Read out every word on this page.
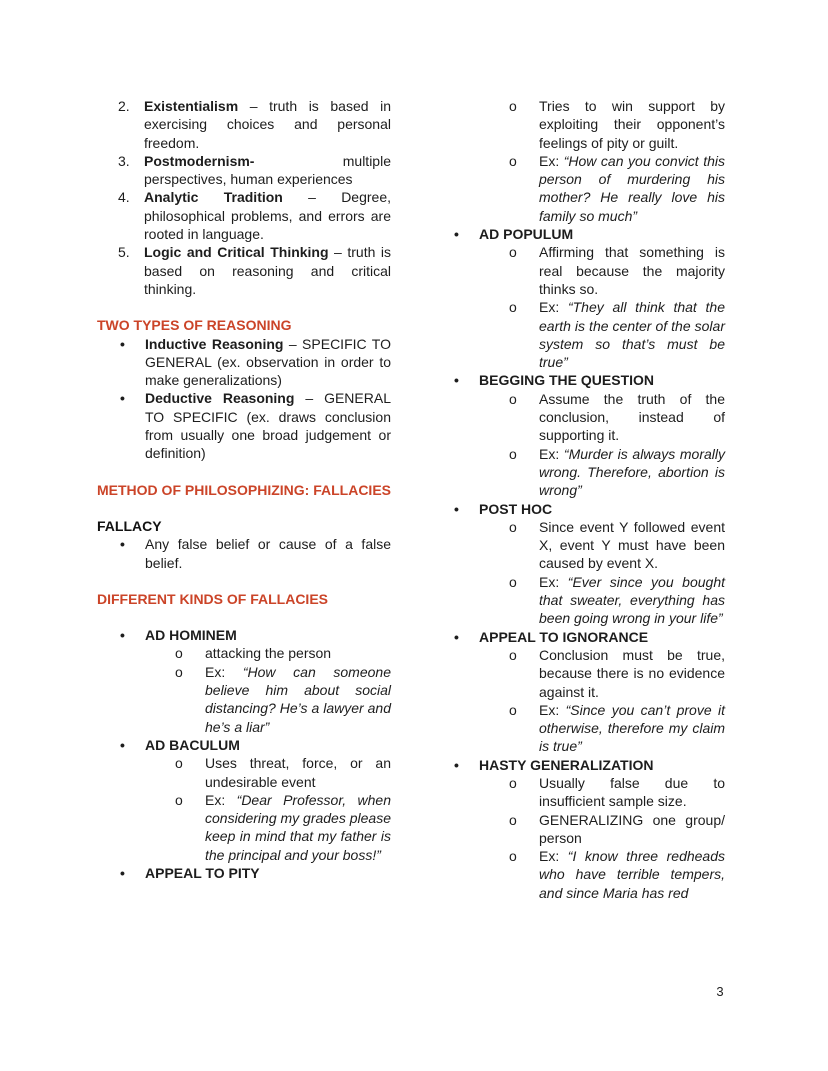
2.	Existentialism – truth is based in exercising choices and personal freedom.
3.	Postmodernism- multiple perspectives, human experiences
4.	Analytic Tradition – Degree, philosophical problems, and errors are rooted in language.
5.	Logic and Critical Thinking – truth is based on reasoning and critical thinking.
TWO TYPES OF REASONING
•	Inductive Reasoning – SPECIFIC TO GENERAL (ex. observation in order to make generalizations)
•	Deductive Reasoning – GENERAL TO SPECIFIC (ex. draws conclusion from usually one broad judgement or definition)
METHOD OF PHILOSOPHIZING: FALLACIES
FALLACY
•	Any false belief or cause of a false belief.
DIFFERENT KINDS OF FALLACIES
•	AD HOMINEM
o	attacking the person
o	Ex: “How can someone believe him about social distancing? He’s a lawyer and he’s a liar”
•	AD BACULUM
o	Uses threat, force, or an undesirable event
o	Ex: “Dear Professor, when considering my grades please keep in mind that my father is the principal and your boss!”
•	APPEAL TO PITY
o	Tries to win support by exploiting their opponent’s feelings of pity or guilt.
o	Ex: “How can you convict this person of murdering his mother? He really love his family so much”
•	AD POPULUM
o	Affirming that something is real because the majority thinks so.
o	Ex: “They all think that the earth is the center of the solar system so that’s must be true”
•	BEGGING THE QUESTION
o	Assume the truth of the conclusion, instead of supporting it.
o	Ex: “Murder is always morally wrong. Therefore, abortion is wrong”
•	POST HOC
o	Since event Y followed event X, event Y must have been caused by event X.
o	Ex: “Ever since you bought that sweater, everything has been going wrong in your life”
•	APPEAL TO IGNORANCE
o	Conclusion must be true, because there is no evidence against it.
o	Ex: “Since you can’t prove it otherwise, therefore my claim is true”
•	HASTY GENERALIZATION
o	Usually false due to insufficient sample size.
o	GENERALIZING one group/ person
o	Ex: “I know three redheads who have terrible tempers, and since Maria has red
3
